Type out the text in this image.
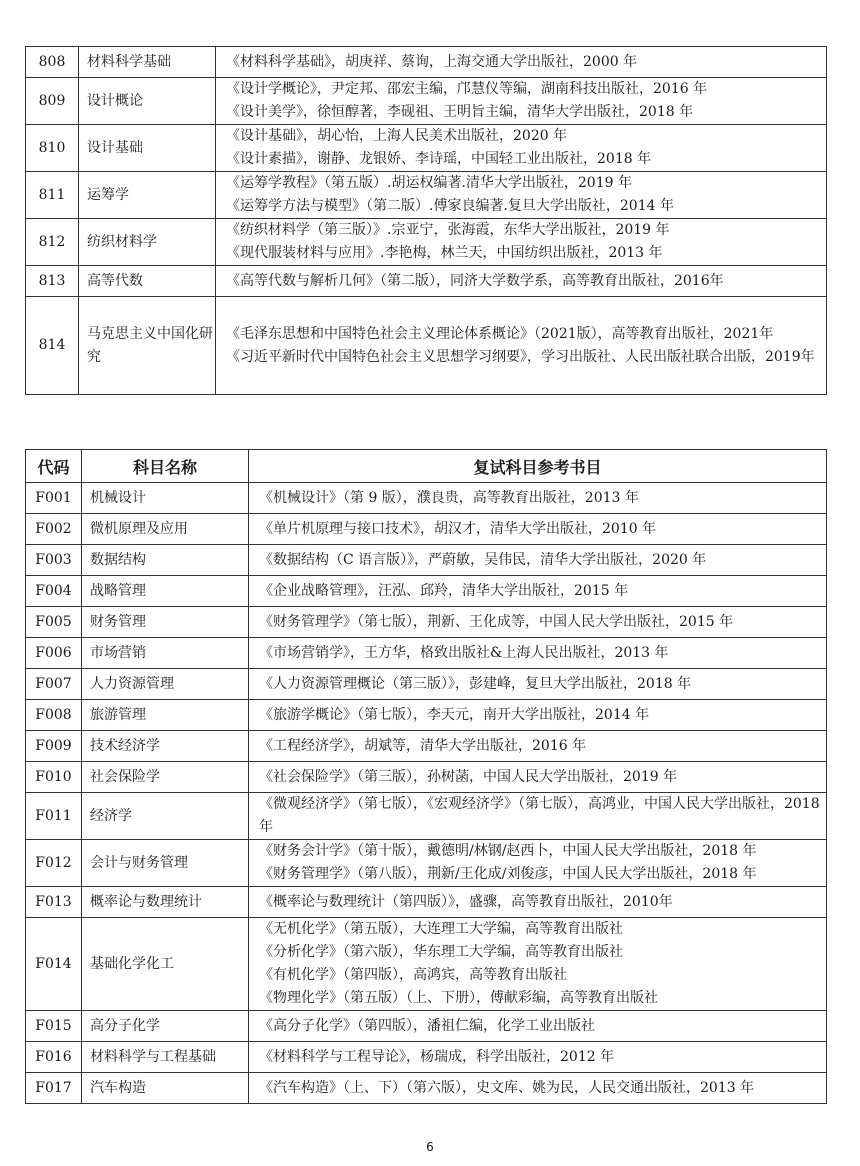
808	材料科学基础	《材料科学基础》，胡庚祥、蔡询，上海交通大学出版社，2000 年

809	设计概论	《设计学概论》，尹定邦、邵宏主编，邝慧仪等编，湖南科技出版社，2016 年
《设计美学》，徐恒醇著，李砚祖、王明旨主编，清华大学出版社，2018 年

810	设计基础	《设计基础》，胡心怡，上海人民美术出版社，2020 年
《设计素描》，谢静、龙银娇、李诗瑶，中国轻工业出版社，2018 年

811	运筹学	《运筹学教程》（第五版）.胡运权编著.清华大学出版社，2019 年
《运筹学方法与模型》（第二版）.傅家良编著.复旦大学出版社，2014 年

812	纺织材料学	《纺织材料学（第三版）》.宗亚宁，张海霞，东华大学出版社，2019 年
《现代服装材料与应用》.李艳梅，林兰天，中国纺织出版社，2013 年

813	高等代数	《高等代数与解析几何》（第二版），同济大学数学系，高等教育出版社，2016年

814	马克思主义中国化研究	《毛泽东思想和中国特色社会主义理论体系概论》（2021版），高等教育出版社，2021年
《习近平新时代中国特色社会主义思想学习纲要》，学习出版社、人民出版社联合出版，2019年
代码	科目名称	复试科目参考书目
F001	机械设计	《机械设计》（第 9 版），濮良贵，高等教育出版社，2013 年

F002	微机原理及应用	《单片机原理与接口技术》，胡汉才，清华大学出版社，2010 年

F003	数据结构	《数据结构（C 语言版）》，严蔚敏，吴伟民，清华大学出版社，2020 年

F004	战略管理	《企业战略管理》，汪泓、邱羚，清华大学出版社，2015 年

F005	财务管理	《财务管理学》（第七版），荆新、王化成等，中国人民大学出版社，2015 年

F006	市场营销	《市场营销学》，王方华，格致出版社&上海人民出版社，2013 年

F007	人力资源管理	《人力资源管理概论（第三版）》，彭建峰，复旦大学出版社，2018 年

F008	旅游管理	《旅游学概论》（第七版），李天元，南开大学出版社，2014 年

F009	技术经济学	《工程经济学》，胡斌等，清华大学出版社，2016 年

F010	社会保险学	《社会保险学》（第三版），孙树菡，中国人民大学出版社，2019 年

F011	经济学	《微观经济学》（第七版），《宏观经济学》（第七版），高鸿业，中国人民大学出版社，2018 年

F012	会计与财务管理	《财务会计学》（第十版），戴德明/林钢/赵西卜，中国人民大学出版社，2018 年
《财务管理学》（第八版），荆新/王化成/刘俊彦，中国人民大学出版社，2018 年

F013	概率论与数理统计	《概率论与数理统计（第四版）》，盛骤，高等教育出版社，2010年

F014	基础化学化工	《无机化学》（第五版），大连理工大学编，高等教育出版社
《分析化学》（第六版），华东理工大学编，高等教育出版社
《有机化学》（第四版），高鸿宾，高等教育出版社
《物理化学》（第五版）（上、下册），傅献彩编，高等教育出版社

F015	高分子化学	《高分子化学》（第四版），潘祖仁编，化学工业出版社

F016	材料科学与工程基础	《材料科学与工程导论》，杨瑞成，科学出版社，2012 年

F017	汽车构造	《汽车构造》（上、下）（第六版），史文库、姚为民，人民交通出版社，2013 年
6
